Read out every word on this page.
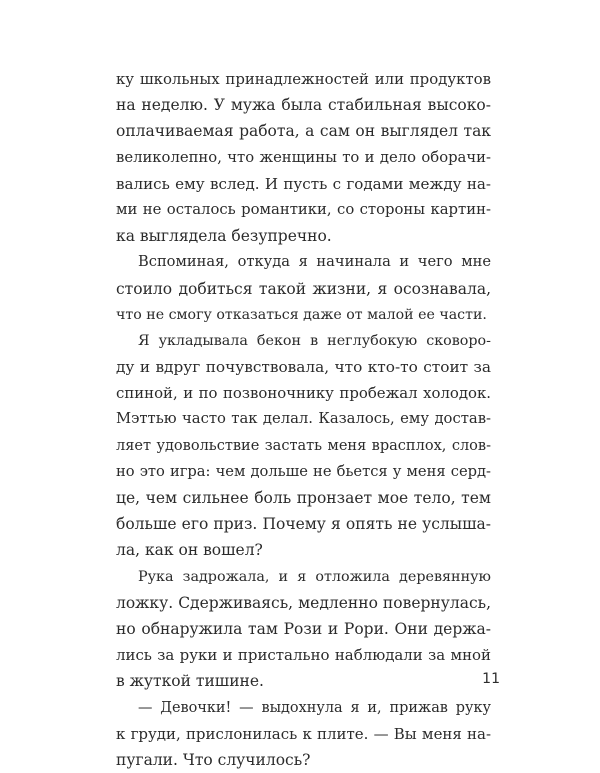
ку школьных принадлежностей или продуктов
на неделю. У мужа была стабильная высоко-
оплачиваемая работа, а сам он выглядел так
великолепно, что женщины то и дело оборачи-
вались ему вслед. И пусть с годами между на-
ми не осталось романтики, со стороны картин-
ка выглядела безупречно.
Вспоминая, откуда я начинала и чего мне
стоило добиться такой жизни, я осознавала,
что не смогу отказаться даже от малой ее части.
Я укладывала бекон в неглубокую сковоро-
ду и вдруг почувствовала, что кто-то стоит за
спиной, и по позвоночнику пробежал холодок.
Мэттью часто так делал. Казалось, ему достав-
ляет удовольствие застать меня врасплох, слов-
но это игра: чем дольше не бьется у меня серд-
це, чем сильнее боль пронзает мое тело, тем
больше его приз. Почему я опять не услыша-
ла, как он вошел?
Рука задрожала, и я отложила деревянную
ложку. Сдерживаясь, медленно повернулась,
но обнаружила там Рози и Рори. Они держа-
лись за руки и пристально наблюдали за мной
в жуткой тишине.
— Девочки! — выдохнула я и, прижав руку
к груди, прислонилась к плите. — Вы меня на-
пугали. Что случилось?
11
